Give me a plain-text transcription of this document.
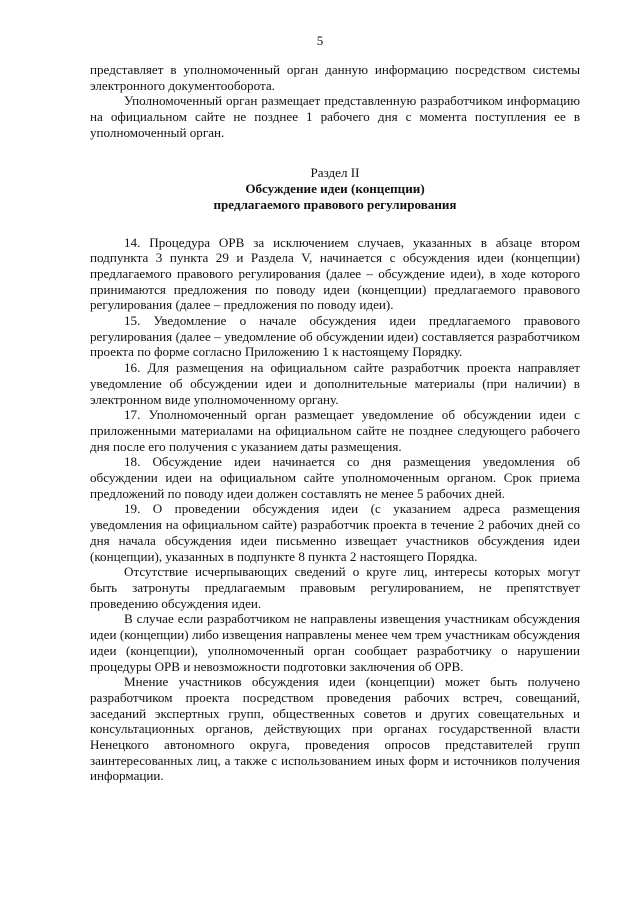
5

представляет в уполномоченный орган данную информацию посредством системы электронного документооборота.

Уполномоченный орган размещает представленную разработчиком информацию на официальном сайте не позднее 1 рабочего дня с момента поступления ее в уполномоченный орган.

Раздел II
Обсуждение идеи (концепции)
предлагаемого правового регулирования

14. Процедура ОРВ за исключением случаев, указанных в абзаце втором подпункта 3 пункта 29 и Раздела V, начинается с обсуждения идеи (концепции) предлагаемого правового регулирования (далее – обсуждение идеи), в ходе которого принимаются предложения по поводу идеи (концепции) предлагаемого правового регулирования (далее – предложения по поводу идеи).

15. Уведомление о начале обсуждения идеи предлагаемого правового регулирования (далее – уведомление об обсуждении идеи) составляется разработчиком проекта по форме согласно Приложению 1 к настоящему Порядку.

16. Для размещения на официальном сайте разработчик проекта направляет уведомление об обсуждении идеи и дополнительные материалы (при наличии) в электронном виде уполномоченному органу.

17. Уполномоченный орган размещает уведомление об обсуждении идеи с приложенными материалами на официальном сайте не позднее следующего рабочего дня после его получения с указанием даты размещения.

18. Обсуждение идеи начинается со дня размещения уведомления об обсуждении идеи на официальном сайте уполномоченным органом. Срок приема предложений по поводу идеи должен составлять не менее 5 рабочих дней.

19. О проведении обсуждения идеи (с указанием адреса размещения уведомления на официальном сайте) разработчик проекта в течение 2 рабочих дней со дня начала обсуждения идеи письменно извещает участников обсуждения идеи (концепции), указанных в подпункте 8 пункта 2 настоящего Порядка.

Отсутствие исчерпывающих сведений о круге лиц, интересы которых могут быть затронуты предлагаемым правовым регулированием, не препятствует проведению обсуждения идеи.

В случае если разработчиком не направлены извещения участникам обсуждения идеи (концепции) либо извещения направлены менее чем трем участникам обсуждения идеи (концепции), уполномоченный орган сообщает разработчику о нарушении процедуры ОРВ и невозможности подготовки заключения об ОРВ.

Мнение участников обсуждения идеи (концепции) может быть получено разработчиком проекта посредством проведения рабочих встреч, совещаний, заседаний экспертных групп, общественных советов и других совещательных и консультационных органов, действующих при органах государственной власти Ненецкого автономного округа, проведения опросов представителей групп заинтересованных лиц, а также с использованием иных форм и источников получения информации.
